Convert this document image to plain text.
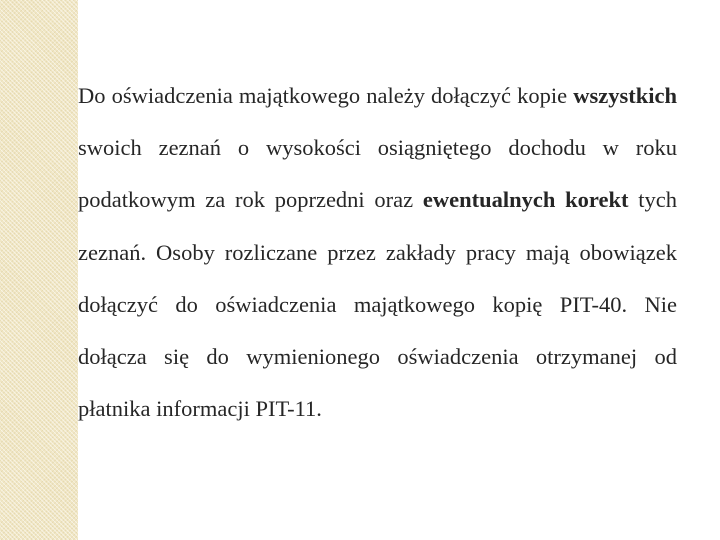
Do oświadczenia majątkowego należy dołączyć kopie wszystkich swoich zeznań o wysokości osiągniętego dochodu w roku podatkowym za rok poprzedni oraz ewentualnych korekt tych zeznań. Osoby rozliczane przez zakłady pracy mają obowiązek dołączyć do oświadczenia majątkowego kopię PIT-40. Nie dołącza się do wymienionego oświadczenia otrzymanej od płatnika informacji PIT-11.
